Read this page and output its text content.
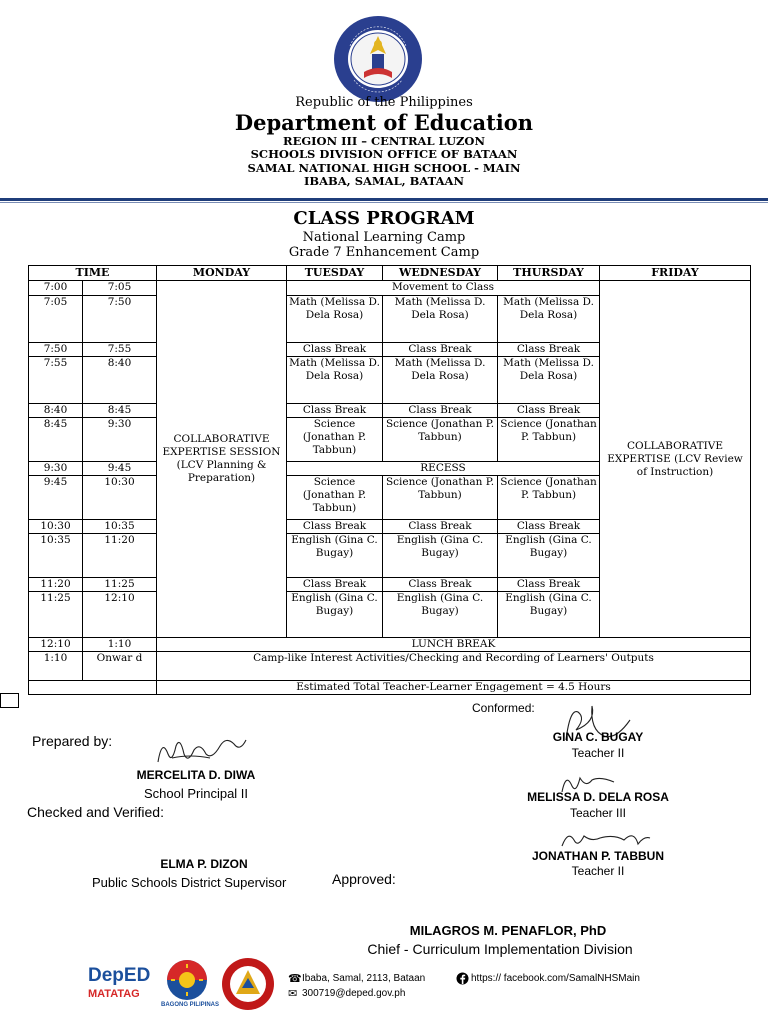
Republic of the Philippines
Department of Education
REGION III – CENTRAL LUZON
SCHOOLS DIVISION OFFICE OF BATAAN
SAMAL NATIONAL HIGH SCHOOL - MAIN
IBABA, SAMAL, BATAAN
CLASS PROGRAM
National Learning Camp
Grade 7 Enhancement Camp
TIME		MONDAY	TUESDAY	WEDNESDAY	THURSDAY	FRIDAY
7:00	7:05	COLLABORATIVE EXPERTISE SESSION (LCV Planning & Preparation)	Movement to Class			COLLABORATIVE EXPERTISE (LCV Review of Instruction)
7:05	7:50		Math (Melissa D. Dela Rosa)	Math (Melissa D. Dela Rosa)	Math (Melissa D. Dela Rosa)	
7:50	7:55		Class Break	Class Break	Class Break	
7:55	8:40		Math (Melissa D. Dela Rosa)	Math (Melissa D. Dela Rosa)	Math (Melissa D. Dela Rosa)	
8:40	8:45		Class Break	Class Break	Class Break	
8:45	9:30		Science (Jonathan P. Tabbun)	Science (Jonathan P. Tabbun)	Science (Jonathan P. Tabbun)	
9:30	9:45		RECESS			
9:45	10:30		Science (Jonathan P. Tabbun)	Science (Jonathan P. Tabbun)	Science (Jonathan P. Tabbun)	
10:30	10:35		Class Break	Class Break	Class Break	
10:35	11:20		English (Gina C. Bugay)	English (Gina C. Bugay)	English (Gina C. Bugay)	
11:20	11:25		Class Break	Class Break	Class Break	
11:25	12:10		English (Gina C. Bugay)	English (Gina C. Bugay)	English (Gina C. Bugay)	
12:10	1:10	LUNCH BREAK				
1:10	Onwar d	Camp-like Interest Activities/Checking and Recording of Learners' Outputs				
		Estimated Total Teacher-Learner Engagement = 4.5 Hours				
Conformed:
Prepared by:
MERCELITA D. DIWA
School Principal II
Checked and Verified:
ELMA P. DIZON
Public Schools District Supervisor	Approved:
MILAGROS M. PENAFLOR, PhD
Chief - Curriculum Implementation Division
GINA C. BUGAY
Teacher II
MELISSA D. DELA ROSA
Teacher III
JONATHAN P. TABBUN
Teacher II
DepED
MATATAG
BAGONG PILIPINAS
☎ Ibaba, Samal, 2113, Bataan
✉ 300719@deped.gov.ph
https:// facebook.com/SamalNHSMain
